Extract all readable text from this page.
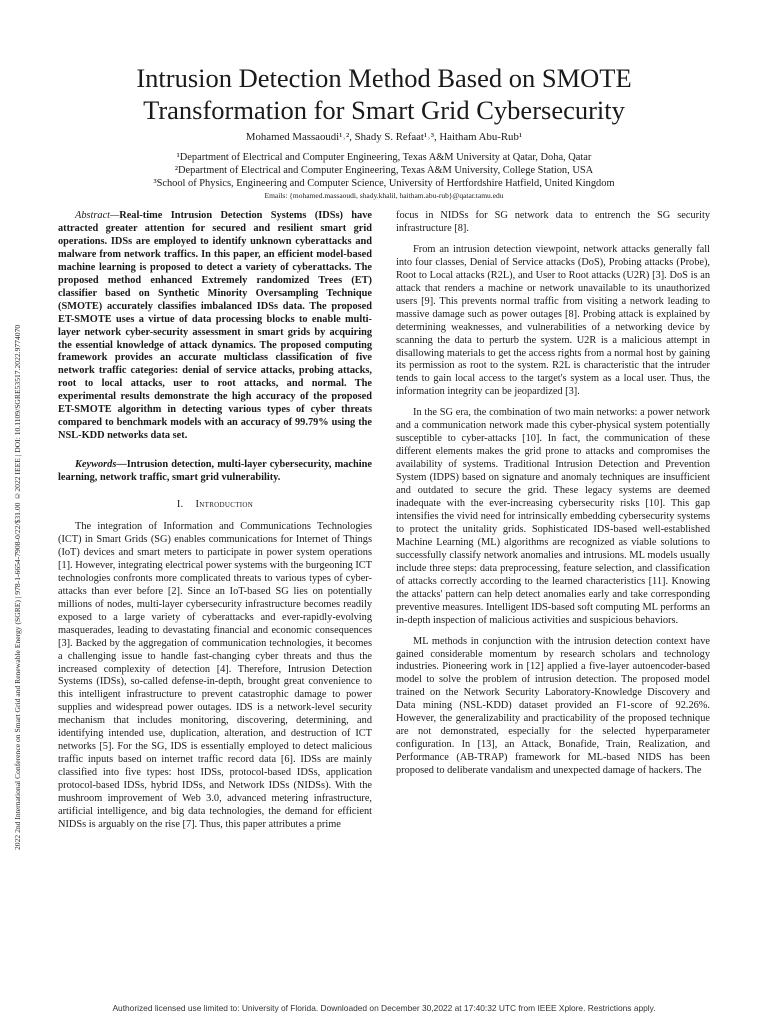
2022 2nd International Conference on Smart Grid and Renewable Energy (SGRE) | 978-1-6654-7908-0/22/$31.00 ©2022 IEEE | DOI: 10.1109/SGRE53517.2022.9774070
Intrusion Detection Method Based on SMOTE Transformation for Smart Grid Cybersecurity
Mohamed Massaoudi¹˒², Shady S. Refaat¹˒³, Haitham Abu-Rub¹
¹Department of Electrical and Computer Engineering, Texas A&M University at Qatar, Doha, Qatar
²Department of Electrical and Computer Engineering, Texas A&M University, College Station, USA
³School of Physics, Engineering and Computer Science, University of Hertfordshire Hatfield, United Kingdom
Emails: {mohamed.massaoudi, shady.khalil, haitham.abu-rub}@qatar.tamu.edu

Abstract—Real-time Intrusion Detection Systems (IDSs) have attracted greater attention for secured and resilient smart grid operations. IDSs are employed to identify unknown cyberattacks and malware from network traffics. In this paper, an efficient model-based machine learning is proposed to detect a variety of cyberattacks. The proposed method enhanced Extremely randomized Trees (ET) classifier based on Synthetic Minority Oversampling Technique (SMOTE) accurately classifies imbalanced IDSs data. The proposed ET-SMOTE uses a virtue of data processing blocks to enable multi-layer network cyber-security assessment in smart grids by acquiring the essential knowledge of attack dynamics. The proposed computing framework provides an accurate multiclass classification of five network traffic categories: denial of service attacks, probing attacks, root to local attacks, user to root attacks, and normal. The experimental results demonstrate the high accuracy of the proposed ET-SMOTE algorithm in detecting various types of cyber threats compared to benchmark models with an accuracy of 99.79% using the NSL-KDD networks data set.

Keywords—Intrusion detection, multi-layer cybersecurity, machine learning, network traffic, smart grid vulnerability.

I. Introduction

The integration of Information and Communications Technologies (ICT) in Smart Grids (SG) enables communications for Internet of Things (IoT) devices and smart meters to participate in power system operations [1]. However, integrating electrical power systems with the burgeoning ICT technologies confronts more complicated threats to various types of cyber-attacks than ever before [2]. Since an IoT-based SG lies on potentially millions of nodes, multi-layer cybersecurity infrastructure becomes readily exposed to a large variety of cyberattacks and ever-rapidly-evolving masquerades, leading to devastating financial and economic consequences [3]. Backed by the aggregation of communication technologies, it becomes a challenging issue to handle fast-changing cyber threats and thus the increased complexity of detection [4]. Therefore, Intrusion Detection Systems (IDSs), so-called defense-in-depth, brought great convenience to this intelligent infrastructure to prevent catastrophic damage to power supplies and widespread power outages. IDS is a network-level security mechanism that includes monitoring, discovering, determining, and identifying intended use, duplication, alteration, and destruction of ICT networks [5]. For the SG, IDS is essentially employed to detect malicious traffic inputs based on internet traffic record data [6]. IDSs are mainly classified into five types: host IDSs, protocol-based IDSs, application protocol-based IDSs, hybrid IDSs, and Network IDSs (NIDSs). With the mushroom improvement of Web 3.0, advanced metering infrastructure, artificial intelligence, and big data technologies, the demand for efficient NIDSs is arguably on the rise [7]. Thus, this paper attributes a prime

focus in NIDSs for SG network data to entrench the SG security infrastructure [8].

From an intrusion detection viewpoint, network attacks generally fall into four classes, Denial of Service attacks (DoS), Probing attacks (Probe), Root to Local attacks (R2L), and User to Root attacks (U2R) [3]. DoS is an attack that renders a machine or network unavailable to its unauthorized users [9]. This prevents normal traffic from visiting a network leading to massive damage such as power outages [8]. Probing attack is explained by determining weaknesses, and vulnerabilities of a networking device by scanning the data to perturb the system. U2R is a malicious attempt in disallowing materials to get the access rights from a normal host by gaining its permission as root to the system. R2L is characteristic that the intruder tends to gain local access to the target's system as a local user. Thus, the information integrity can be jeopardized [3].

In the SG era, the combination of two main networks: a power network and a communication network made this cyber-physical system potentially susceptible to cyber-attacks [10]. In fact, the communication of these different elements makes the grid prone to attacks and compromises the availability of systems. Traditional Intrusion Detection and Prevention System (IDPS) based on signature and anomaly techniques are insufficient and outdated to secure the grid. These legacy systems are deemed inadequate with the ever-increasing cybersecurity risks [10]. This gap intensifies the vivid need for intrinsically embedding cybersecurity systems to protect the unitality grids. Sophisticated IDS-based well-established Machine Learning (ML) algorithms are recognized as viable solutions to successfully classify network anomalies and intrusions. ML models usually include three steps: data preprocessing, feature selection, and classification of attacks correctly according to the learned characteristics [11]. Knowing the attacks' pattern can help detect anomalies early and take corresponding preventive measures. Intelligent IDS-based soft computing ML performs an in-depth inspection of malicious activities and suspicious behaviors.

ML methods in conjunction with the intrusion detection context have gained considerable momentum by research scholars and technology industries. Pioneering work in [12] applied a five-layer autoencoder-based model to solve the problem of intrusion detection. The proposed model trained on the Network Security Laboratory-Knowledge Discovery and Data mining (NSL-KDD) dataset provided an F1-score of 92.26%. However, the generalizability and practicability of the proposed technique are not demonstrated, especially for the selected hyperparameter configuration. In [13], an Attack, Bonafide, Train, Realization, and Performance (AB-TRAP) framework for ML-based NIDS has been proposed to deliberate vandalism and unexpected damage of hackers. The

Authorized licensed use limited to: University of Florida. Downloaded on December 30,2022 at 17:40:32 UTC from IEEE Xplore. Restrictions apply.
